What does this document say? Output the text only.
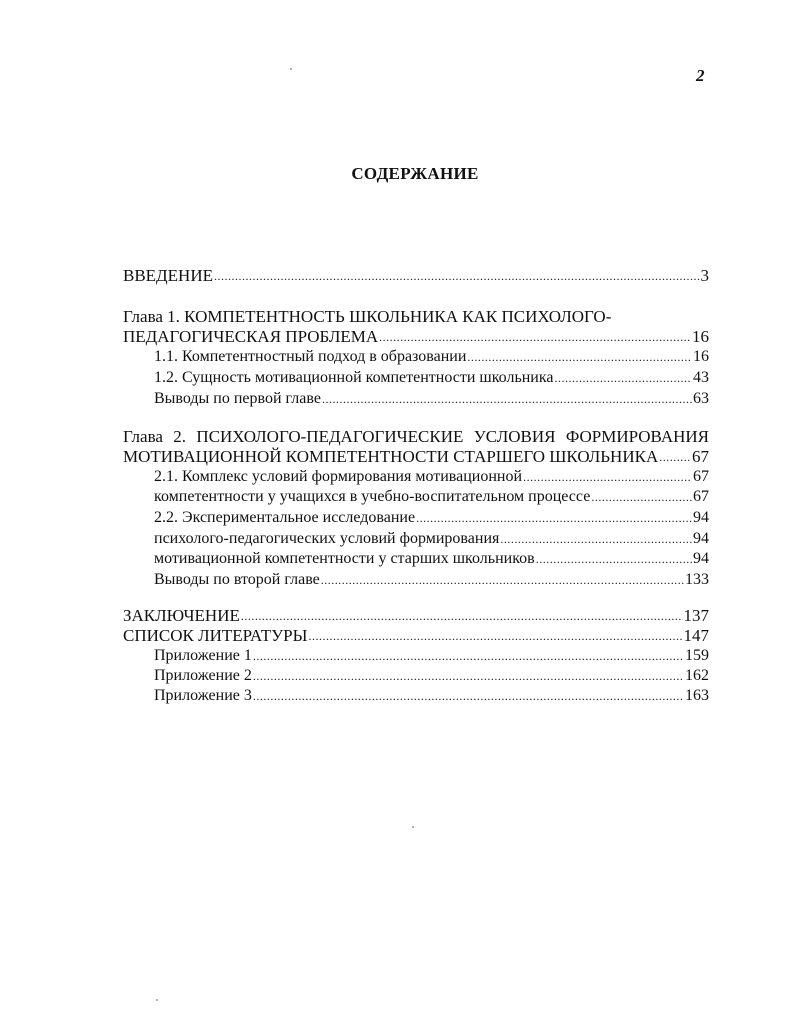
2
СОДЕРЖАНИЕ
ВВЕДЕНИЕ .....	3
Глава 1. КОМПЕТЕНТНОСТЬ ШКОЛЬНИКА КАК ПСИХОЛОГО-
ПЕДАГОГИЧЕСКАЯ ПРОБЛЕМА .....	16
1.1. Компетентностный подход в образовании .....	16
1.2. Сущность мотивационной компетентности школьника .....	43
Выводы по первой главе .....	63
Глава 2. ПСИХОЛОГО-ПЕДАГОГИЧЕСКИЕ УСЛОВИЯ ФОРМИРОВАНИЯ
МОТИВАЦИОННОЙ КОМПЕТЕНТНОСТИ СТАРШЕГО ШКОЛЬНИКА ..... 67
2.1. Комплекс условий формирования мотивационной .....	67
компетентности у учащихся в учебно-воспитательном процессе .....	67
2.2. Экспериментальное исследование .....	94
психолого-педагогических условий формирования .....	94
мотивационной компетентности у старших школьников .....	94
Выводы по второй главе .....	133
ЗАКЛЮЧЕНИЕ .....	137
СПИСОК ЛИТЕРАТУРЫ .....	147
Приложение 1 .....	159
Приложение 2 .....	162
Приложение 3 .....	163
